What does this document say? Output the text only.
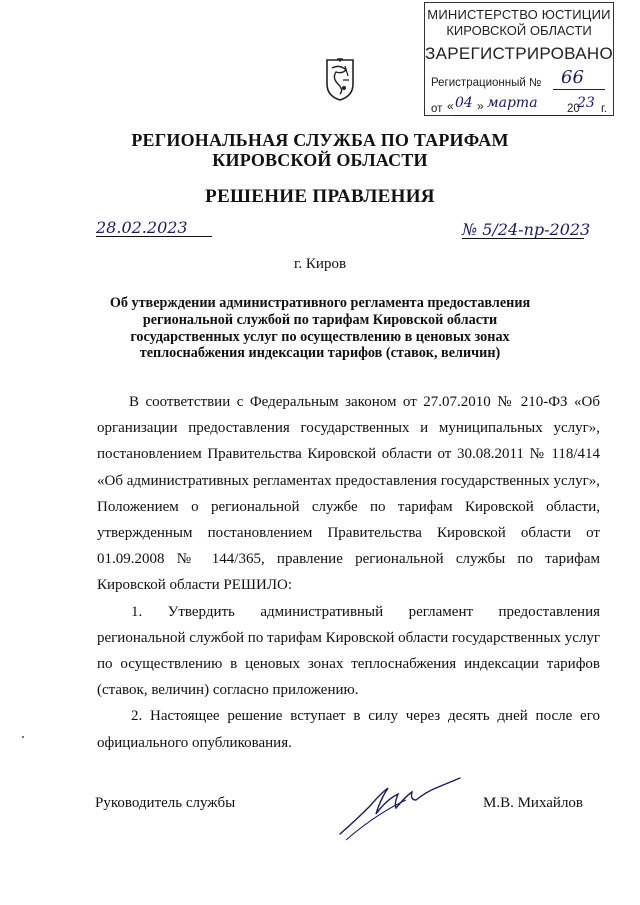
МИНИСТЕРСТВО ЮСТИЦИИ
КИРОВСКОЙ ОБЛАСТИ
ЗАРЕГИСТРИРОВАНО
Регистрационный № 66
от « 04 » марта	20
23 г.
РЕГИОНАЛЬНАЯ СЛУЖБА ПО ТАРИФАМ
КИРОВСКОЙ ОБЛАСТИ
РЕШЕНИЕ ПРАВЛЕНИЯ
28.02.2023	№ 5/24-пр-2023
г. Киров
Об утверждении административного регламента предоставления региональной службой по тарифам Кировской области государственных услуг по осуществлению в ценовых зонах теплоснабжения индексации тарифов (ставок, величин)

В соответствии с Федеральным законом от 27.07.2010 № 210-ФЗ «Об организации предоставления государственных и муниципальных услуг», постановлением Правительства Кировской области от 30.08.2011 № 118/414 «Об административных регламентах предоставления государственных услуг», Положением о региональной службе по тарифам Кировской области, утвержденным постановлением Правительства Кировской области от 01.09.2008 № 144/365, правление региональной службы по тарифам Кировской области РЕШИЛО:

1. Утвердить административный регламент предоставления региональной службой по тарифам Кировской области государственных услуг по осуществлению в ценовых зонах теплоснабжения индексации тарифов (ставок, величин) согласно приложению.

2. Настоящее решение вступает в силу через десять дней после его официального опубликования.

Руководитель службы	М.В. Михайлов
